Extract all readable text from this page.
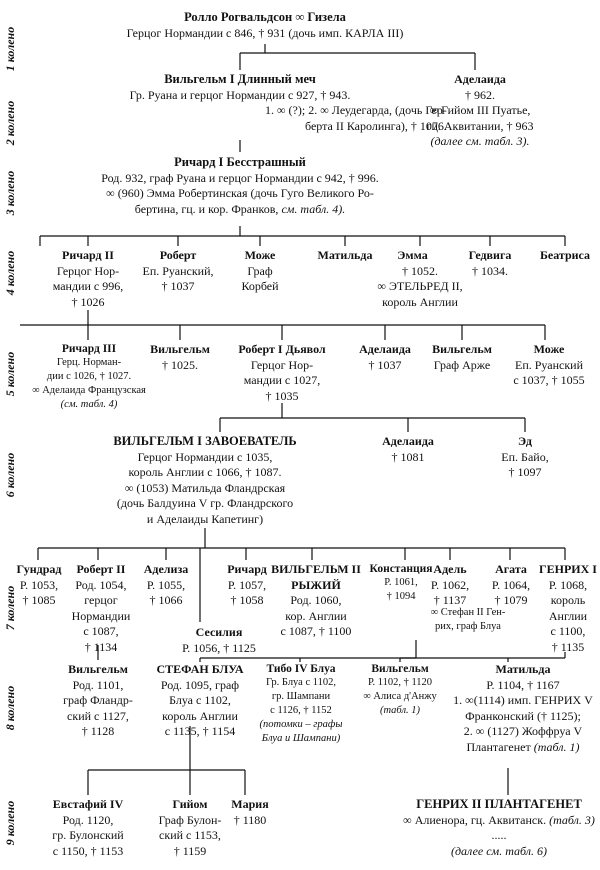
1 колено
2 колено
3 колено
4 колено
5 колено
6 колено
7 колено
8 колено
9 колено
Ролло Рогвальдсон ∞ Гизела
Герцог Нормандии с 846, † 931 (дочь имп. КАРЛА III)
Вильгельм I Длинный меч
Гр. Руана и герцог Нормандии с 927, † 943.
1. ∞ (?); 2. ∞ Леудегарда, (дочь Гер-
берта II Каролинга), † 1076.
Аделаида
† 962.
∞ Гийом III Пуатье,
гц. Аквитании, † 963
(далее см. табл. 3).
Ричард I Бесстрашный
Род. 932, граф Руана и герцог Нормандии с 942, † 996.
∞ (960) Эмма Робертинская (дочь Гуго Великого Ро-
бертина, гц. и кор. Франков, см. табл. 4).
Ричард II
Герцог Нор-
мандии с 996,
† 1026
Роберт
Еп. Руанский,
† 1037
Може
Граф
Корбей
Матильда	Эмма
† 1052.
∞ ЭТЕЛЬРЕД II,
король Англии
Гедвига
† 1034.
Беатриса
Ричард III
Герц. Норман-
дии с 1026, † 1027.
∞ Аделаида Французская
(см. табл. 4)
Вильгельм
† 1025.
Роберт I Дьявол
Герцог Нор-
мандии с 1027,
† 1035
Аделаида
† 1037
Вильгельм
Граф Арже
Може
Еп. Руанский
с 1037, † 1055
ВИЛЬГЕЛЬМ I ЗАВОЕВАТЕЛЬ
Герцог Нормандии с 1035,
король Англии с 1066, † 1087.
∞ (1053) Матильда Фландрская
(дочь Балдуина V гр. Фландрского
и Аделаиды Капетинг)
Аделаида
† 1081
Эд
Еп. Байо,
† 1097
Гундрад
Р. 1053,
† 1085
Роберт II
Род. 1054,
герцог
Нормандии
с 1087,
† 1134
Аделиза
Р. 1055,
† 1066
Ричард
Р. 1057,
† 1058
Сесилия
Р. 1056, † 1125
ВИЛЬГЕЛЬМ II
РЫЖИЙ
Род. 1060,
кор. Англии
с 1087, † 1100
Констанция
Р. 1061,
† 1094
Адель
Р. 1062,
† 1137
Агата
Р. 1064,
† 1079
∞ Стефан II Ген-
рих, граф Блуа
ГЕНРИХ I
Р. 1068,
король
Англии
с 1100,
† 1135
Вильгельм
Род. 1101,
граф Фландр-
ский с 1127,
† 1128
СТЕФАН БЛУА
Род. 1095, граф
Блуа с 1102,
король Англии
с 1135, † 1154
Тибо IV Блуа
Гр. Блуа с 1102,
гр. Шампани
с 1126, † 1152
(потомки – графы
Блуа и Шампани)
Вильгельм
Р. 1102, † 1120
∞ Алиса д'Анжу
(табл. 1)
Матильда
Р. 1104, † 1167
1. ∞(1114) имп. ГЕНРИХ V
Франконский († 1125);
2. ∞ (1127) Жоффруа V
Плантагенет (табл. 1)
Евстафий IV
Род. 1120,
гр. Булонский
с 1150, † 1153
Гийом
Граф Булон-
ский с 1153,
† 1159
Мария
† 1180
ГЕНРИХ II ПЛАНТАГЕНЕТ
∞ Алиенора, гц. Аквитанск. (табл. 3)
.....
(далее см. табл. 6)
